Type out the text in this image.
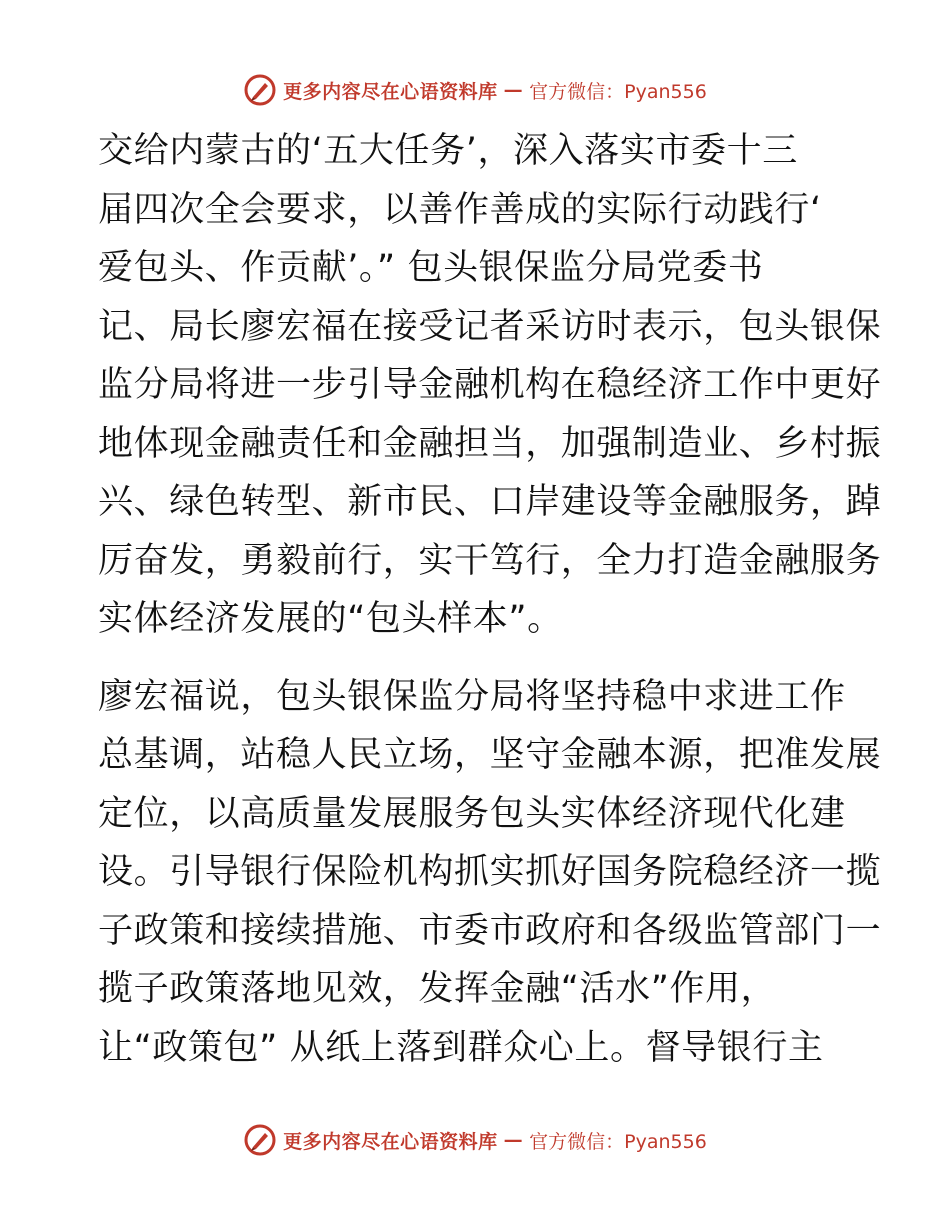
更多内容尽在心语资料库 — 官方微信：Pyan556
交给内蒙古的‘五大任务’，深入落实市委十三
届四次全会要求，以善作善成的实际行动践行‘
爱包头、作贡献’。” 包头银保监分局党委书
记、局长廖宏福在接受记者采访时表示，包头银保
监分局将进一步引导金融机构在稳经济工作中更好
地体现金融责任和金融担当，加强制造业、乡村振
兴、绿色转型、新市民、口岸建设等金融服务，踔
厉奋发，勇毅前行，实干笃行，全力打造金融服务
实体经济发展的“包头样本”。
廖宏福说，包头银保监分局将坚持稳中求进工作
总基调，站稳人民立场，坚守金融本源，把准发展
定位，以高质量发展服务包头实体经济现代化建
设。引导银行保险机构抓实抓好国务院稳经济一揽
子政策和接续措施、市委市政府和各级监管部门一
揽子政策落地见效，发挥金融“活水”作用，
让“政策包” 从纸上落到群众心上。督导银行主
更多内容尽在心语资料库 — 官方微信：Pyan556
